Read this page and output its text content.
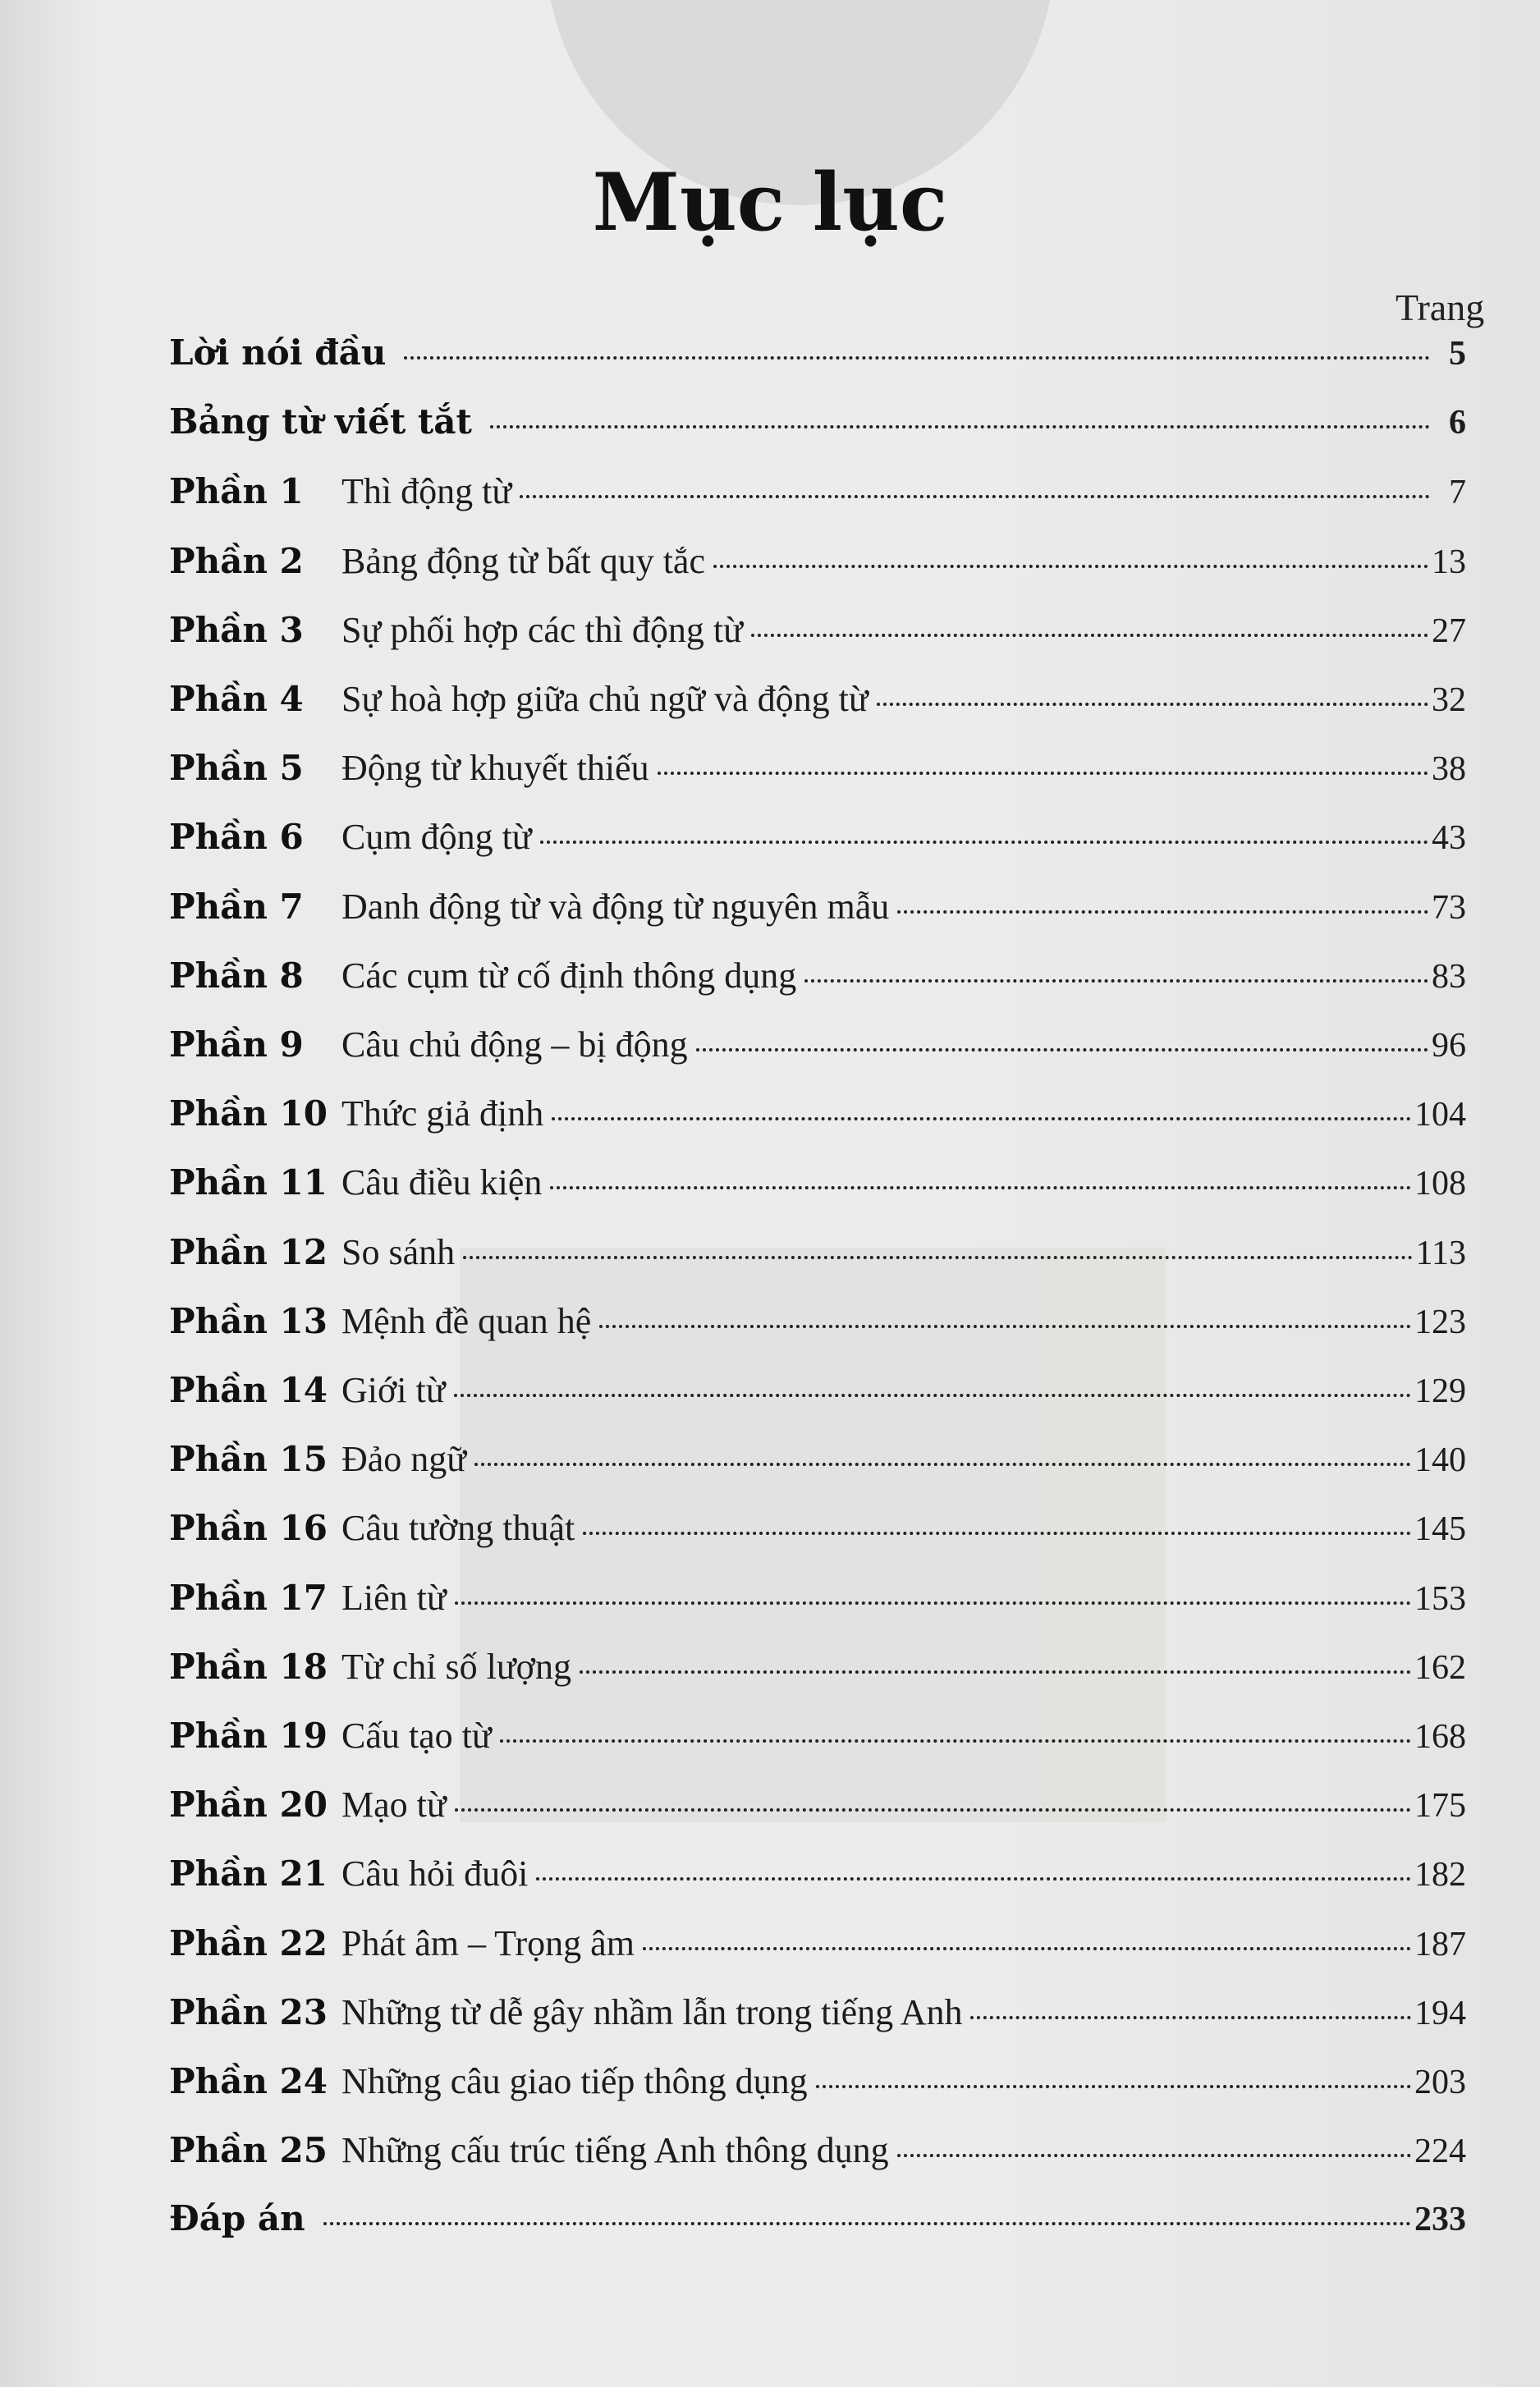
Mục lục
Trang
Lời nói đầu	5
Bảng từ viết tắt	6
Phần 1	Thì động từ	7
Phần 2	Bảng động từ bất quy tắc	13
Phần 3	Sự phối hợp các thì động từ	27
Phần 4	Sự hoà hợp giữa chủ ngữ và động từ	32
Phần 5	Động từ khuyết thiếu	38
Phần 6	Cụm động từ	43
Phần 7	Danh động từ và động từ nguyên mẫu	73
Phần 8	Các cụm từ cố định thông dụng	83
Phần 9	Câu chủ động – bị động	96
Phần 10 Thức giả định	104
Phần 11 Câu điều kiện	108
Phần 12 So sánh	113
Phần 13 Mệnh đề quan hệ	123
Phần 14 Giới từ	129
Phần 15 Đảo ngữ	140
Phần 16 Câu tường thuật	145
Phần 17 Liên từ	153
Phần 18 Từ chỉ số lượng	162
Phần 19 Cấu tạo từ	168
Phần 20 Mạo từ	175
Phần 21 Câu hỏi đuôi	182
Phần 22 Phát âm – Trọng âm	187
Phần 23 Những từ dễ gây nhầm lẫn trong tiếng Anh	194
Phần 24 Những câu giao tiếp thông dụng	203
Phần 25 Những cấu trúc tiếng Anh thông dụng	224
Đáp án	233
